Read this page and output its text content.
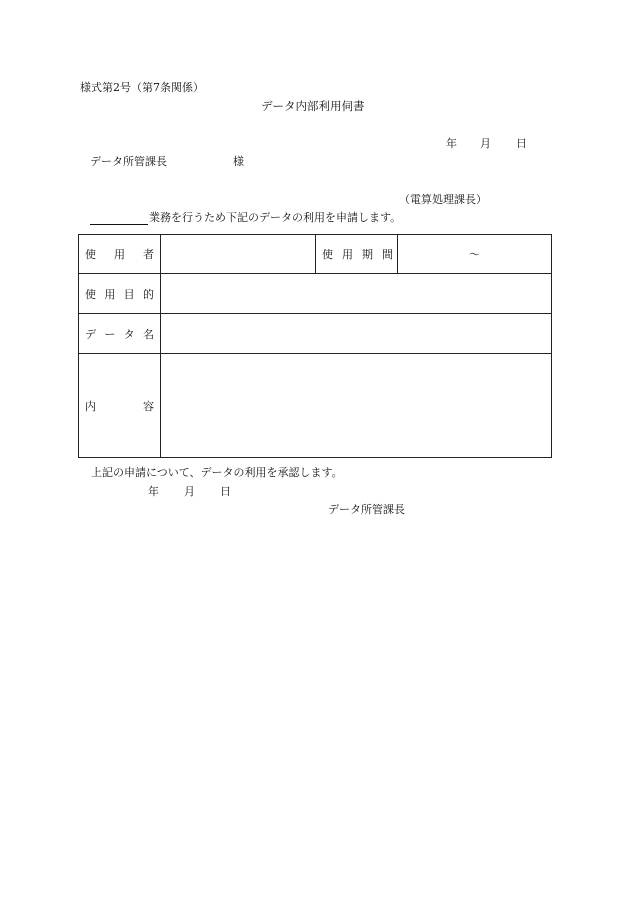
様式第2号（第7条関係）
データ内部利用伺書
年	月	日
データ所管課長	様
（電算処理課長）
業務を行うため下記のデータの利用を申請します。
使 用 者		使 用 期 間	～

使 用 目 的			

デ ー タ 名			

内 容			

上記の申請について、データの利用を承認します。
年	月	日
データ所管課長
